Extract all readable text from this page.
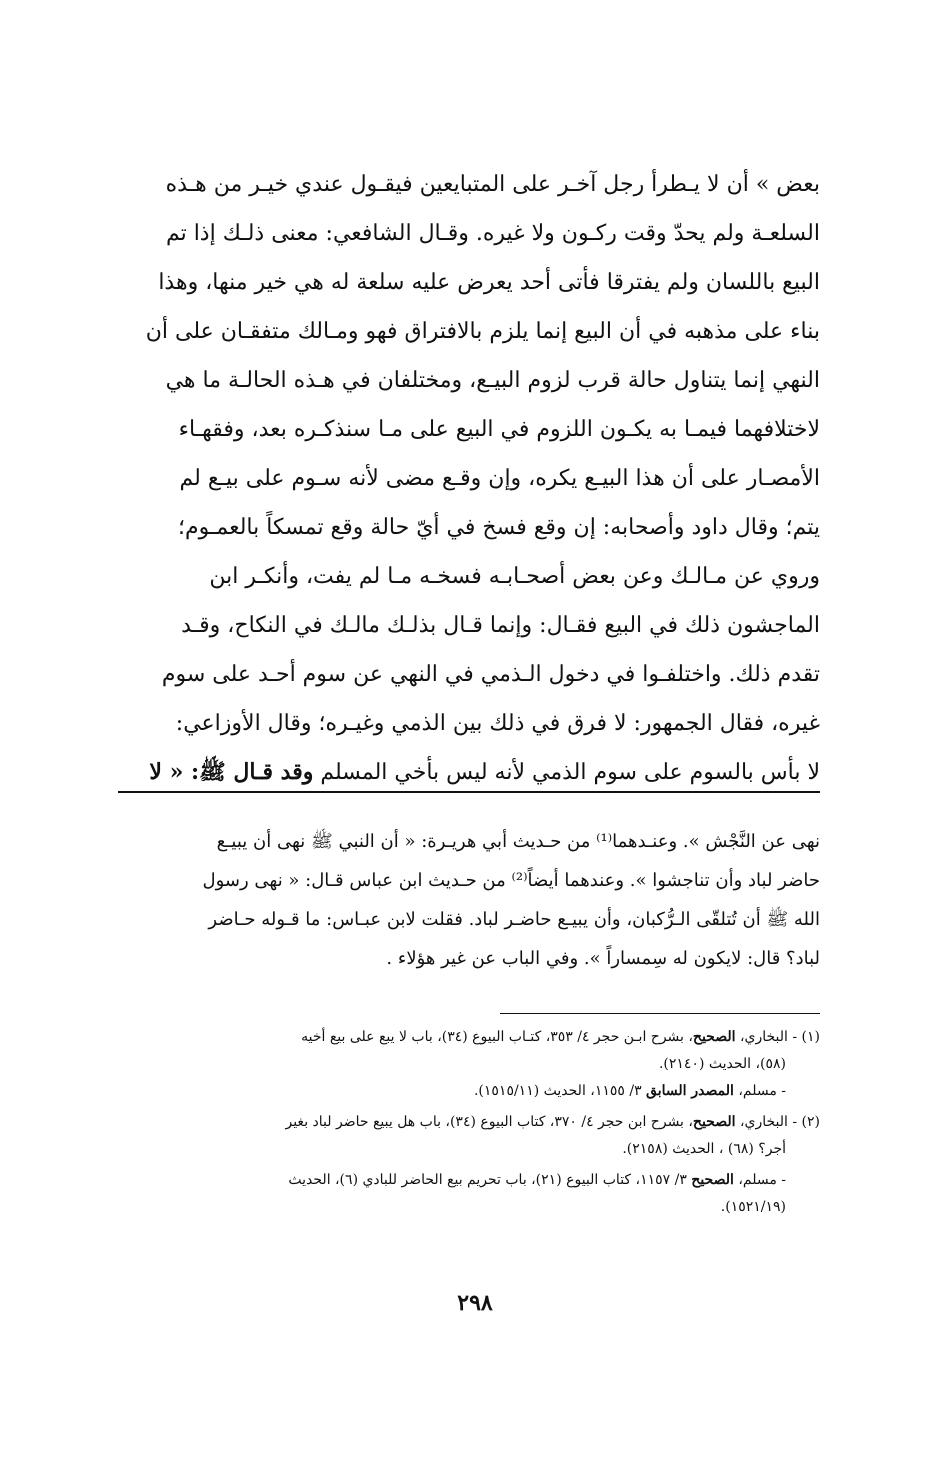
بعض » أن لا يـطرأ رجل آخـر على المتبايعين فيقـول عندي خيـر من هـذه
السلعـة ولم يحدّ وقت ركـون ولا غيره. وقـال الشافعي: معنى ذلـك إذا تم
البيع باللسان ولم يفترقا فأتى أحد يعرض عليه سلعة له هي خير منها، وهذا
بناء على مذهبه في أن البيع إنما يلزم بالافتراق فهو ومـالك متفقـان على أن
النهي إنما يتناول حالة قرب لزوم البيـع، ومختلفان في هـذه الحالـة ما هي
لاختلافهما فيمـا به يكـون اللزوم في البيع على مـا سنذكـره بعد، وفقهـاء
الأمصـار على أن هذا البيـع يكره، وإن وقـع مضى لأنه سـوم على بيـع لم
يتم؛ وقال داود وأصحابه: إن وقع فسخ في أيّ حالة وقع تمسكاً بالعمـوم؛
وروي عن مـالـك وعن بعض أصحـابـه فسخـه مـا لم يفت، وأنكـر ابن
الماجشون ذلك في البيع فقـال: وإنما قـال بذلـك مالـك في النكاح، وقـد
تقدم ذلك. واختلفـوا في دخول الـذمي في النهي عن سوم أحـد على سوم
غيره، فقال الجمهور: لا فرق في ذلك بين الذمي وغيـره؛ وقال الأوزاعي:
لا بأس بالسوم على سوم الذمي لأنه ليس بأخي المسلم وقد قـال ﷺ: « لا
نهى عن النَّجْش ». وعنـدهما⁽¹⁾ من حـديث أبي هريـرة: « أن النبي ﷺ نهى أن يبيـع
حاضر لباد وأن تناجشوا ». وعندهما أيضاً⁽²⁾ من حـديث ابن عباس قـال: « نهى رسول
الله ﷺ أن تُتلقّى الـرُّكبان، وأن يبيـع حاضـر لباد. فقلت لابن عبـاس: ما قـوله حـاضر
لباد؟ قال: لايكون له سِمساراً ». وفي الباب عن غير هؤلاء .
(١) - البخاري، الصحيح، بشرح ابـن حجر ٤/ ٣٥٣، كتـاب البيوع (٣٤)، باب لا يبع على بيع أخيه
(٥٨)، الحديث (٢١٤٠).
- مسلم، المصدر السابق ٣/ ١١٥٥، الحديث (١٥١٥/١١).
(٢) - البخاري، الصحيح، بشرح ابن حجر ٤/ ٣٧٠، كتاب البيوع (٣٤)، باب هل يبيع حاضر لباد بغير
أجر؟ (٦٨) ، الحديث (٢١٥٨).
- مسلم، الصحيح ٣/ ١١٥٧، كتاب البيوع (٢١)، باب تحريم بيع الحاضر للبادي (٦)، الحديث
(١٥٢١/١٩).
٢٩٨
